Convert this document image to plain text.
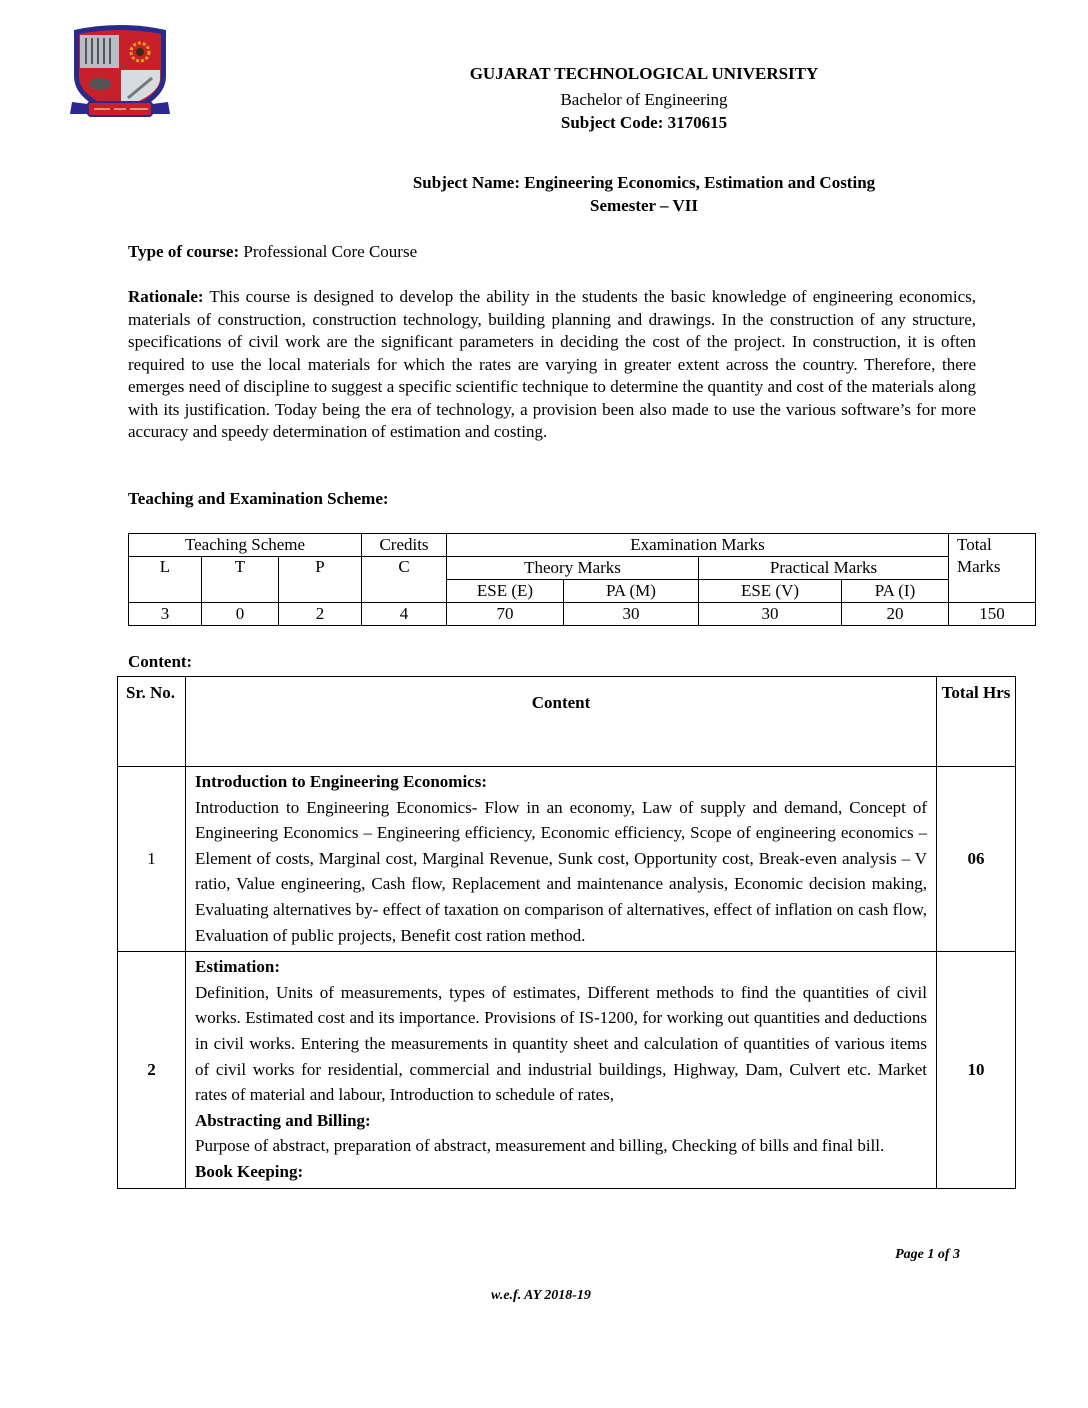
GUJARAT TECHNOLOGICAL UNIVERSITY
Bachelor of Engineering
Subject Code: 3170615
Subject Name: Engineering Economics, Estimation and Costing
Semester – VII
Type of course: Professional Core Course
Rationale: This course is designed to develop the ability in the students the basic knowledge of engineering economics, materials of construction, construction technology, building planning and drawings. In the construction of any structure, specifications of civil work are the significant parameters in deciding the cost of the project. In construction, it is often required to use the local materials for which the rates are varying in greater extent across the country. Therefore, there emerges need of discipline to suggest a specific scientific technique to determine the quantity and cost of the materials along with its justification. Today being the era of technology, a provision been also made to use the various software’s for more accuracy and speedy determination of estimation and costing.
Teaching and Examination Scheme:
Teaching Scheme			Credits	Examination Marks				Total Marks
L	T	P	C	Theory Marks		Practical Marks		
				ESE (E)	PA (M)	ESE (V)	PA (I)	
3	0	2	4	70	30	30	20	150
Content:
Sr. No.	Content	Total Hrs
1	Introduction to Engineering Economics:
Introduction to Engineering Economics- Flow in an economy, Law of supply and demand, Concept of Engineering Economics – Engineering efficiency, Economic efficiency, Scope of engineering economics – Element of costs, Marginal cost, Marginal Revenue, Sunk cost, Opportunity cost, Break-even analysis – V ratio, Value engineering, Cash flow, Replacement and maintenance analysis, Economic decision making, Evaluating alternatives by- effect of taxation on comparison of alternatives, effect of inflation on cash flow, Evaluation of public projects, Benefit cost ration method.	06
2	Estimation:
Definition, Units of measurements, types of estimates, Different methods to find the quantities of civil works. Estimated cost and its importance. Provisions of IS-1200, for working out quantities and deductions in civil works. Entering the measurements in quantity sheet and calculation of quantities of various items of civil works for residential, commercial and industrial buildings, Highway, Dam, Culvert etc. Market rates of material and labour, Introduction to schedule of rates,
Abstracting and Billing:
Purpose of abstract, preparation of abstract, measurement and billing, Checking of bills and final bill.
Book Keeping:	10
Page 1 of 3
w.e.f. AY 2018-19
